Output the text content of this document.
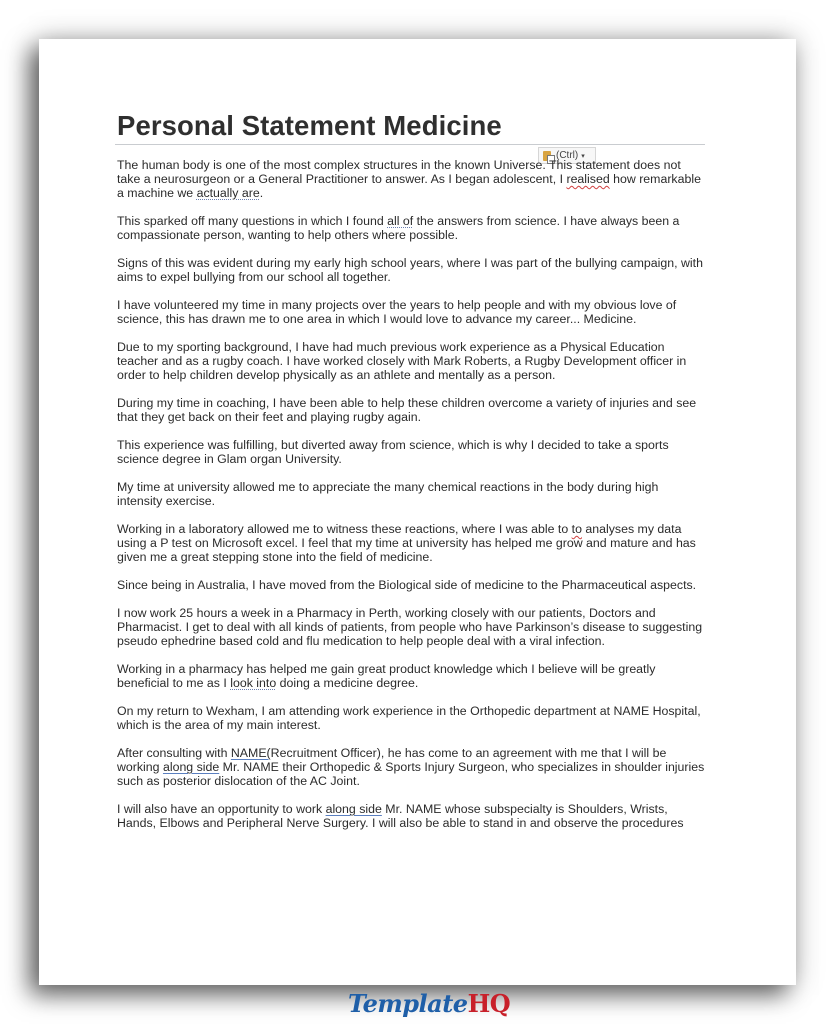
Personal Statement Medicine
(Ctrl) ▾

The human body is one of the most complex structures in the known Universe. This statement does not take a neurosurgeon or a General Practitioner to answer. As I began adolescent, I realised how remarkable a machine we actually are.

This sparked off many questions in which I found all of the answers from science. I have always been a compassionate person, wanting to help others where possible.

Signs of this was evident during my early high school years, where I was part of the bullying campaign, with aims to expel bullying from our school all together.

I have volunteered my time in many projects over the years to help people and with my obvious love of science, this has drawn me to one area in which I would love to advance my career... Medicine.

Due to my sporting background, I have had much previous work experience as a Physical Education teacher and as a rugby coach. I have worked closely with Mark Roberts, a Rugby Development officer in order to help children develop physically as an athlete and mentally as a person.

During my time in coaching, I have been able to help these children overcome a variety of injuries and see that they get back on their feet and playing rugby again.

This experience was fulfilling, but diverted away from science, which is why I decided to take a sports science degree in Glam organ University.

My time at university allowed me to appreciate the many chemical reactions in the body during high intensity exercise.

Working in a laboratory allowed me to witness these reactions, where I was able to to analyses my data using a P test on Microsoft excel. I feel that my time at university has helped me grow and mature and has given me a great stepping stone into the field of medicine.

Since being in Australia, I have moved from the Biological side of medicine to the Pharmaceutical aspects.

I now work 25 hours a week in a Pharmacy in Perth, working closely with our patients, Doctors and Pharmacist. I get to deal with all kinds of patients, from people who have Parkinson’s disease to suggesting pseudo ephedrine based cold and flu medication to help people deal with a viral infection.

Working in a pharmacy has helped me gain great product knowledge which I believe will be greatly beneficial to me as I look into doing a medicine degree.

On my return to Wexham, I am attending work experience in the Orthopedic department at NAME Hospital, which is the area of my main interest.

After consulting with NAME(Recruitment Officer), he has come to an agreement with me that I will be working along side Mr. NAME their Orthopedic & Sports Injury Surgeon, who specializes in shoulder injuries such as posterior dislocation of the AC Joint.

I will also have an opportunity to work along side Mr. NAME whose subspecialty is Shoulders, Wrists, Hands, Elbows and Peripheral Nerve Surgery. I will also be able to stand in and observe the procedures

TemplateHQ
